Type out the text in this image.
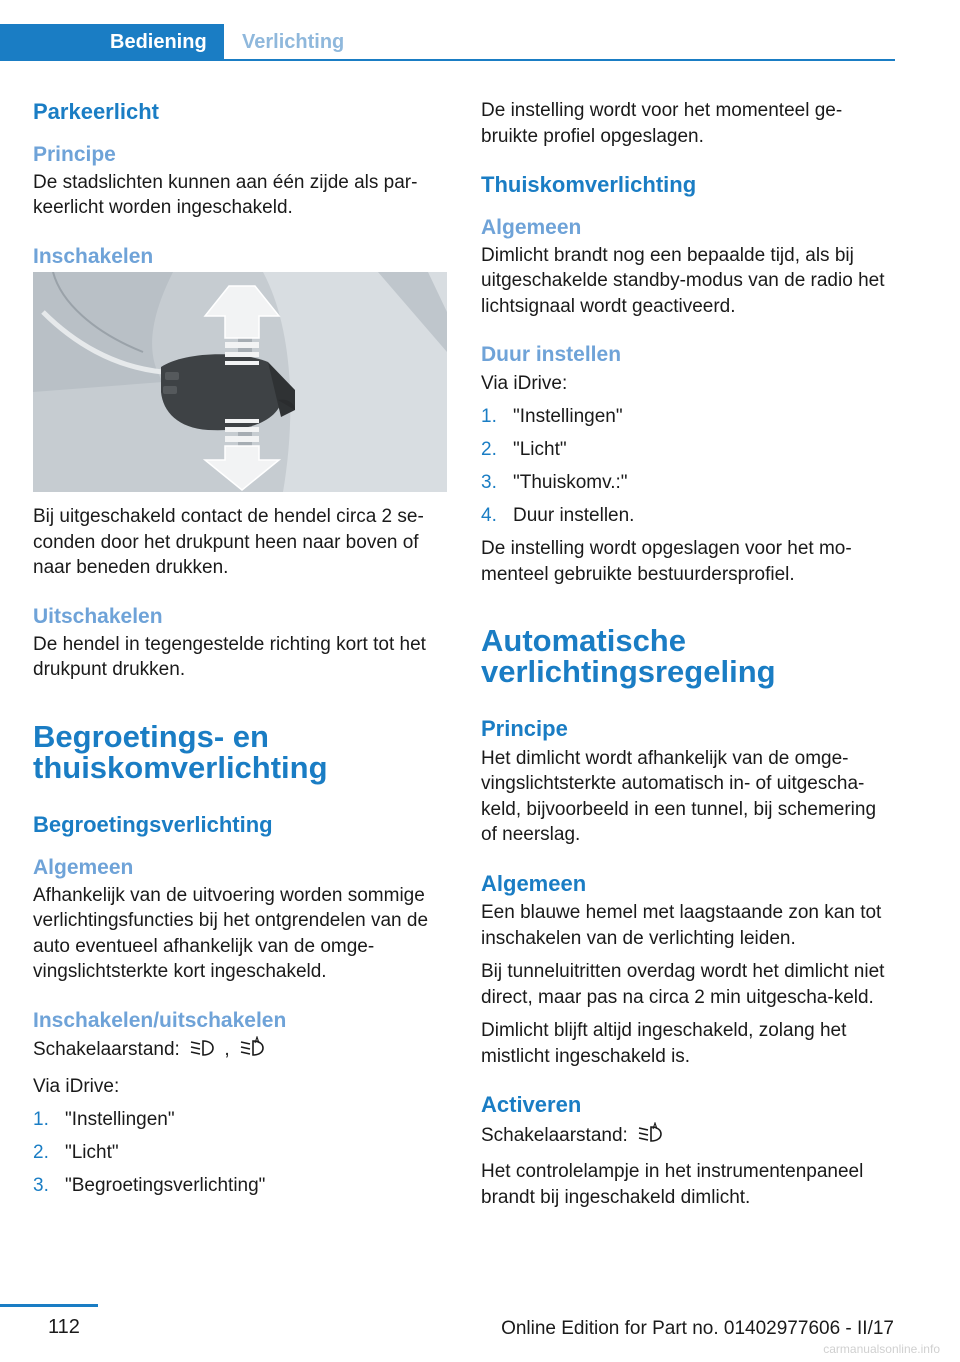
Bediening	Verlichting
Parkeerlicht
Principe

De stadslichten kunnen aan één zijde als par-keerlicht worden ingeschakeld.

Inschakelen

Bij uitgeschakeld contact de hendel circa 2 se-conden door het drukpunt heen naar boven of naar beneden drukken.

Uitschakelen

De hendel in tegengestelde richting kort tot het drukpunt drukken.

Begroetings- en thuiskomverlichting
Begroetingsverlichting
Algemeen

Afhankelijk van de uitvoering worden sommige verlichtingsfuncties bij het ontgrendelen van de auto eventueel afhankelijk van de omge-vingslichtsterkte kort ingeschakeld.

Inschakelen/uitschakelen

Schakelaarstand: ,

Via iDrive:

1. "Instellingen"
2. "Licht"
3. "Begroetingsverlichting"

De instelling wordt voor het momenteel ge-bruikte profiel opgeslagen.

Thuiskomverlichting
Algemeen

Dimlicht brandt nog een bepaalde tijd, als bij uitgeschakelde standby-modus van de radio het lichtsignaal wordt geactiveerd.

Duur instellen

Via iDrive:

1. "Instellingen"
2. "Licht"
3. "Thuiskomv.:"
4. Duur instellen.

De instelling wordt opgeslagen voor het mo-menteel gebruikte bestuurdersprofiel.

Automatische verlichtingsregeling
Principe

Het dimlicht wordt afhankelijk van de omge-vingslichtsterkte automatisch in- of uitgescha-keld, bijvoorbeeld in een tunnel, bij schemering of neerslag.

Algemeen

Een blauwe hemel met laagstaande zon kan tot inschakelen van de verlichting leiden.

Bij tunneluitritten overdag wordt het dimlicht niet direct, maar pas na circa 2 min uitgescha-keld.

Dimlicht blijft altijd ingeschakeld, zolang het mistlicht ingeschakeld is.

Activeren

Schakelaarstand:

Het controlelampje in het instrumentenpaneel brandt bij ingeschakeld dimlicht.

112	Online Edition for Part no. 01402977606 - II/17
carmanualsonline.info
